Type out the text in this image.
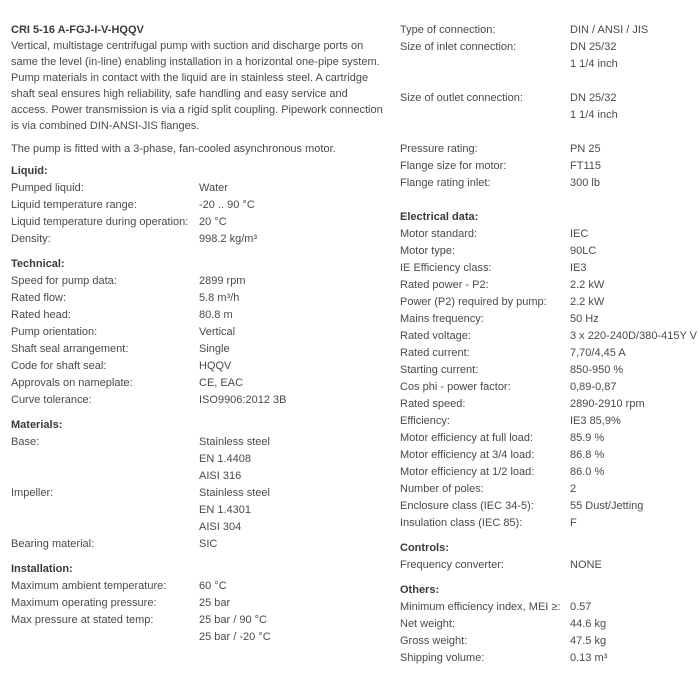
CRI 5-16 A-FGJ-I-V-HQQV

Vertical, multistage centrifugal pump with suction and discharge ports on same the level (in-line) enabling installation in a horizontal one-pipe system. Pump materials in contact with the liquid are in stainless steel. A cartridge shaft seal ensures high reliability, safe handling and easy service and access. Power transmission is via a rigid split coupling. Pipework connection is via combined DIN-ANSI-JIS flanges.

The pump is fitted with a 3-phase, fan-cooled asynchronous motor.

Liquid:
Pumped liquid:	Water
Liquid temperature range:	-20 .. 90 °C
Liquid temperature during operation: 20 °C
Density:	998.2 kg/m³
Technical:
Speed for pump data:	2899 rpm
Rated flow:	5.8 m³/h
Rated head:	80.8 m
Pump orientation:	Vertical
Shaft seal arrangement:	Single
Code for shaft seal:	HQQV
Approvals on nameplate:	CE, EAC
Curve tolerance:	ISO9906:2012 3B
Materials:
Base:	Stainless steel
EN 1.4408
AISI 316
Impeller:	Stainless steel
EN 1.4301
AISI 304
Bearing material:	SIC
Installation:
Maximum ambient temperature:	60 °C
Maximum operating pressure:	25 bar
Max pressure at stated temp:	25 bar / 90 °C
25 bar / -20 °C
Type of connection:	DIN / ANSI / JIS
Size of inlet connection:	DN 25/32
1 1/4 inch

Size of outlet connection:	DN 25/32
1 1/4 inch

Pressure rating:	PN 25
Flange size for motor:	FT115
Flange rating inlet:	300 lb
Electrical data:
Motor standard:	IEC
Motor type:	90LC
IE Efficiency class:	IE3
Rated power - P2:	2.2 kW
Power (P2) required by pump:	2.2 kW
Mains frequency:	50 Hz
Rated voltage:	3 x 220-240D/380-415Y V
Rated current:	7,70/4,45 A
Starting current:	850-950 %
Cos phi - power factor:	0,89-0,87
Rated speed:	2890-2910 rpm
Efficiency:	IE3 85,9%
Motor efficiency at full load:	85.9 %
Motor efficiency at 3/4 load:	86.8 %
Motor efficiency at 1/2 load:	86.0 %
Number of poles:	2
Enclosure class (IEC 34-5):	55 Dust/Jetting
Insulation class (IEC 85):	F
Controls:
Frequency converter:	NONE
Others:
Minimum efficiency index, MEI ≥: 0.57
Net weight:	44.6 kg
Gross weight:	47.5 kg
Shipping volume:	0.13 m³
